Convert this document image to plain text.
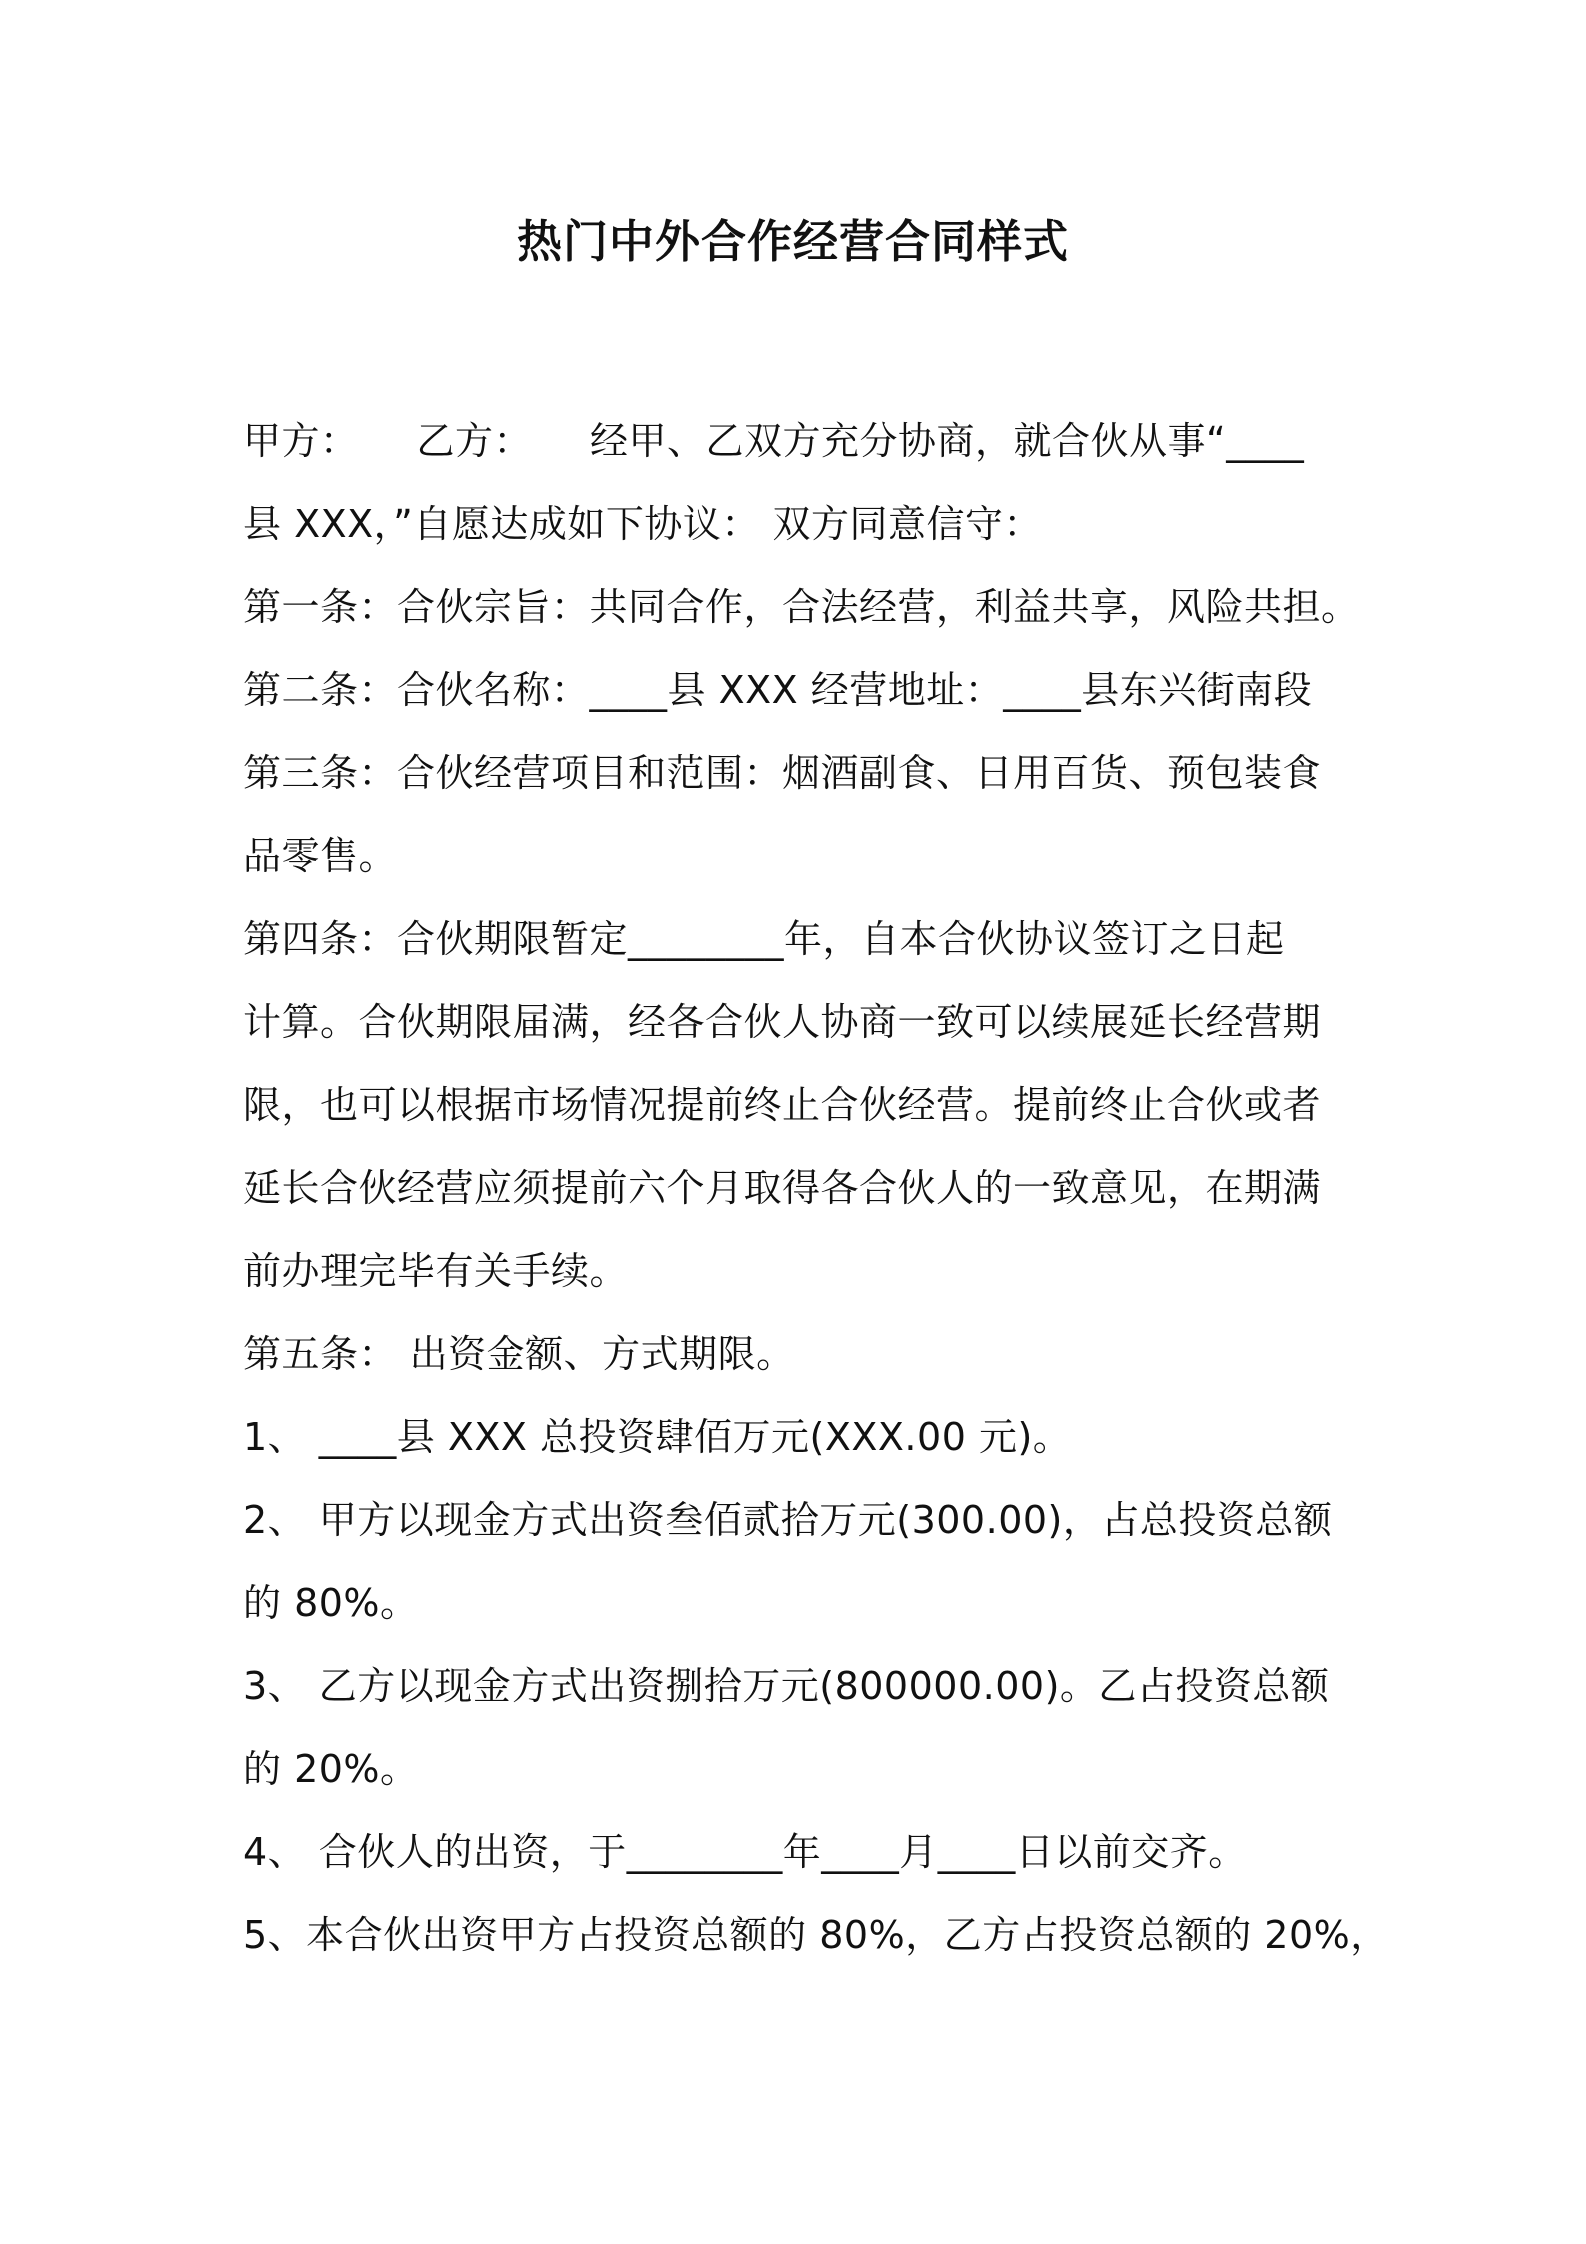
热门中外合作经营合同样式
甲方：　　乙方：　　经甲、乙双方充分协商，就合伙从事“____
县 XXX，”自愿达成如下协议： 双方同意信守：
第一条：合伙宗旨：共同合作，合法经营，利益共享，风险共担。
第二条：合伙名称：____县 XXX 经营地址：____县东兴街南段
第三条：合伙经营项目和范围：烟酒副食、日用百货、预包装食
品零售。
第四条：合伙期限暂定________年，自本合伙协议签订之日起
计算。合伙期限届满，经各合伙人协商一致可以续展延长经营期
限，也可以根据市场情况提前终止合伙经营。提前终止合伙或者
延长合伙经营应须提前六个月取得各合伙人的一致意见，在期满
前办理完毕有关手续。
第五条： 出资金额、方式期限。
1、 ____县 XXX 总投资肆佰万元(XXX.00 元)。
2、 甲方以现金方式出资叁佰贰拾万元(300.00)，占总投资总额
的 80%。
3、 乙方以现金方式出资捌拾万元(800000.00)。乙占投资总额
的 20%。
4、 合伙人的出资，于________年____月____日以前交齐。
5、本合伙出资甲方占投资总额的 80%，乙方占投资总额的 20%，
